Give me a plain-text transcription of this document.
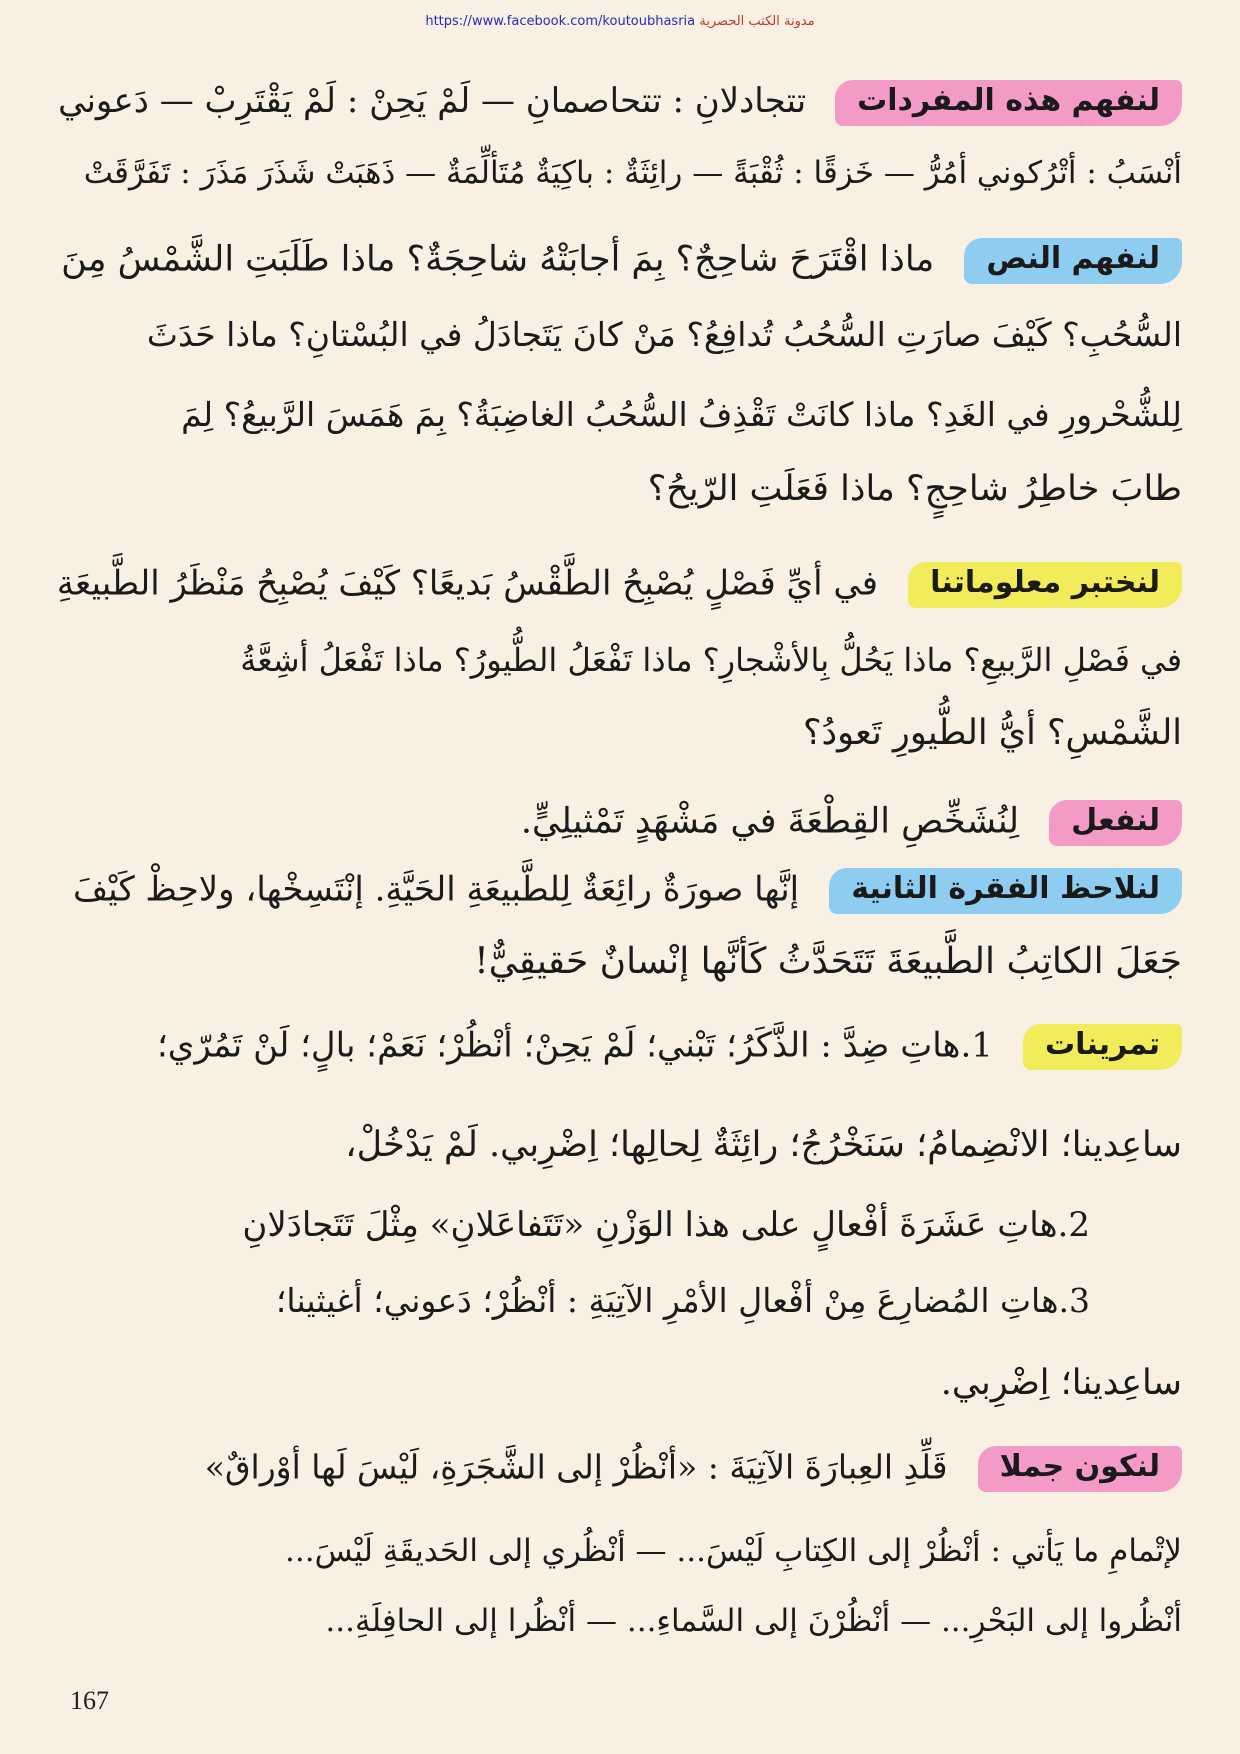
مدونة الكتب الحصرية https://www.facebook.com/koutoubhasria
لنفهم هذه المفردات تتجادلانِ : تتحاصمانِ — لَمْ يَحِنْ : لَمْ يَقْتَرِبْ — دَعوني
أنْسَبُ : أتْرُكوني أمُرُّ — خَزقًا : ثُقْبَةً — رائِثَةٌ : باكِيَةٌ مُتَألِّمَةٌ — ذَهَبَتْ شَذَرَ مَذَرَ : تَفَرَّقَتْ
لنفهم النص ماذا اقْتَرَحَ شاحِجٌ؟ بِمَ أجابَتْهُ شاحِجَةٌ؟ ماذا طَلَبَتِ الشَّمْسُ مِنَ
السُّحُبِ؟ كَيْفَ صارَتِ السُّحُبُ تُدافِعُ؟ مَنْ كانَ يَتَجادَلُ في البُسْتانِ؟ ماذا حَدَثَ
لِلشُّحْرورِ في الغَدِ؟ ماذا كانَتْ تَقْذِفُ السُّحُبُ الغاضِبَةُ؟ بِمَ هَمَسَ الرَّبيعُ؟ لِمَ
طابَ خاطِرُ شاحِجٍ؟ ماذا فَعَلَتِ الرّيحُ؟
لنختبر معلوماتنا في أيِّ فَصْلٍ يُصْبِحُ الطَّقْسُ بَديعًا؟ كَيْفَ يُصْبِحُ مَنْظَرُ الطَّبيعَةِ
في فَصْلِ الرَّبيعِ؟ ماذا يَحُلُّ بِالأشْجارِ؟ ماذا تَفْعَلُ الطُّيورُ؟ ماذا تَفْعَلُ أشِعَّةُ
الشَّمْسِ؟ أيُّ الطُّيورِ تَعودُ؟
لنفعل لِنُشَخِّصِ القِطْعَةَ في مَشْهَدٍ تَمْثيلِيٍّ.
لنلاحظ الفقرة الثانية إنَّها صورَةٌ رائِعَةٌ لِلطَّبيعَةِ الحَيَّةِ. إنْتَسِخْها، ولاحِظْ كَيْفَ
جَعَلَ الكاتِبُ الطَّبيعَةَ تَتَحَدَّثُ كَأنَّها إنْسانٌ حَقيقِيٌّ!
تمرينات 1.هاتِ ضِدَّ : الذَّكَرُ؛ تَبْني؛ لَمْ يَحِنْ؛ أنْظُرْ؛ نَعَمْ؛ بالٍ؛ لَنْ تَمُرّي؛
ساعِدينا؛ الانْضِمامُ؛ سَنَخْرُجُ؛ رائِثَةٌ لِحالِها؛ اِضْرِبي. لَمْ يَدْخُلْ،
2.هاتِ عَشَرَةَ أفْعالٍ على هذا الوَزْنِ «تَتَفاعَلانِ» مِثْلَ تَتَجادَلانِ
3.هاتِ المُضارِعَ مِنْ أفْعالِ الأمْرِ الآتِيَةِ : أنْظُرْ؛ دَعوني؛ أغيثينا؛
ساعِدينا؛ اِضْرِبي.
لنكون جملا قَلِّدِ العِبارَةَ الآتِيَةَ : «أنْظُرْ إلى الشَّجَرَةِ، لَيْسَ لَها أوْراقٌ»
لإتْمامِ ما يَأتي : أنْظُرْ إلى الكِتابِ لَيْسَ... — أنْظُري إلى الحَديقَةِ لَيْسَ...
أنْظُروا إلى البَحْرِ... — أنْظُرْنَ إلى السَّماءِ... — أنْظُرا إلى الحافِلَةِ...
167
